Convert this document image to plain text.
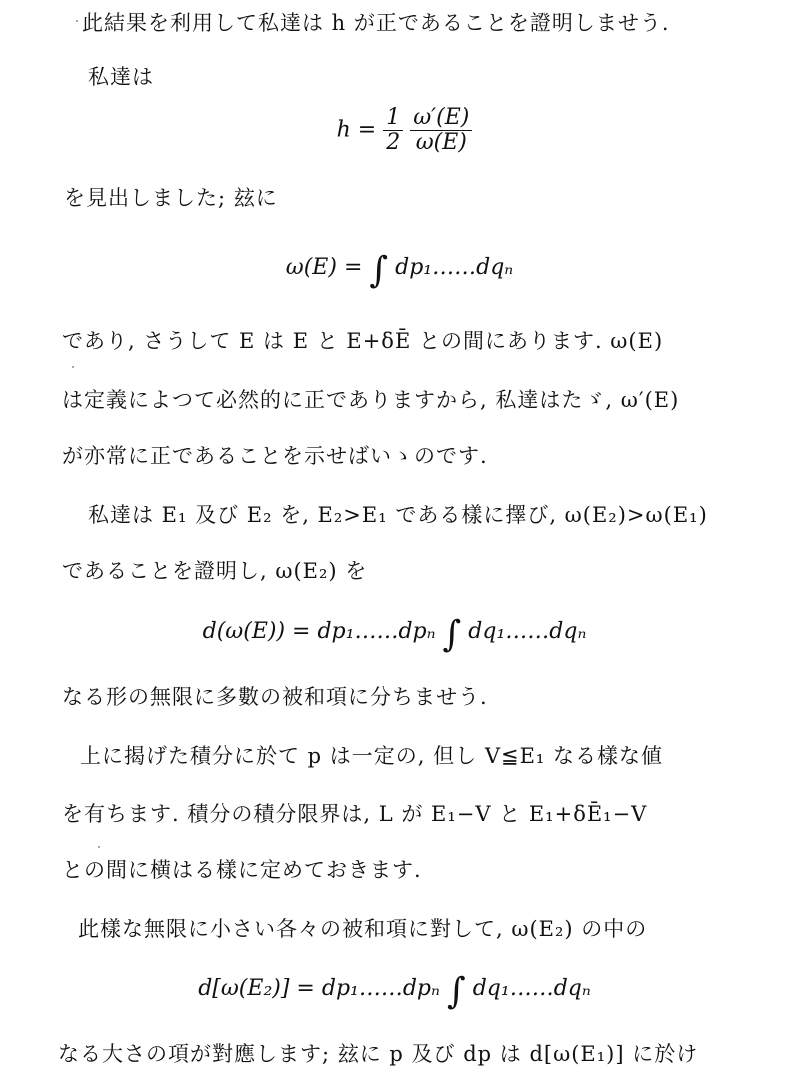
此結果を利用して私達は h が正であることを證明しませう.
私達は
$h = \frac{1}{2}$
$\frac{\omega'(E)}{\omega(E)}$
を見出しました; 玆に
ω(E) = ∫ dp₁……dqₙ
であり, さうして E は E と E+δĒ との間にあります. ω(E)
は定義によつて必然的に正でありますから, 私達はたゞ, ω′(E)
が亦常に正であることを示せばいゝのです.
私達は E₁ 及び E₂ を, E₂>E₁ である樣に擇び, ω(E₂)>ω(E₁)
であることを證明し, ω(E₂) を
d(ω(E)) = dp₁……dpₙ ∫ dq₁……dqₙ
なる形の無限に多數の被和項に分ちませう.
上に揭げた積分に於て p は一定の, 但し V≦E₁ なる樣な値
を有ちます. 積分の積分限界は, L が E₁−V と E₁+δĒ₁−V
との間に横はる樣に定めておきます.
此樣な無限に小さい各々の被和項に對して, ω(E₂) の中の
d[ω(E₂)] = dp₁……dpₙ ∫ dq₁……dqₙ
なる大さの項が對應します; 玆に p 及び dp は d[ω(E₁)] に於け
